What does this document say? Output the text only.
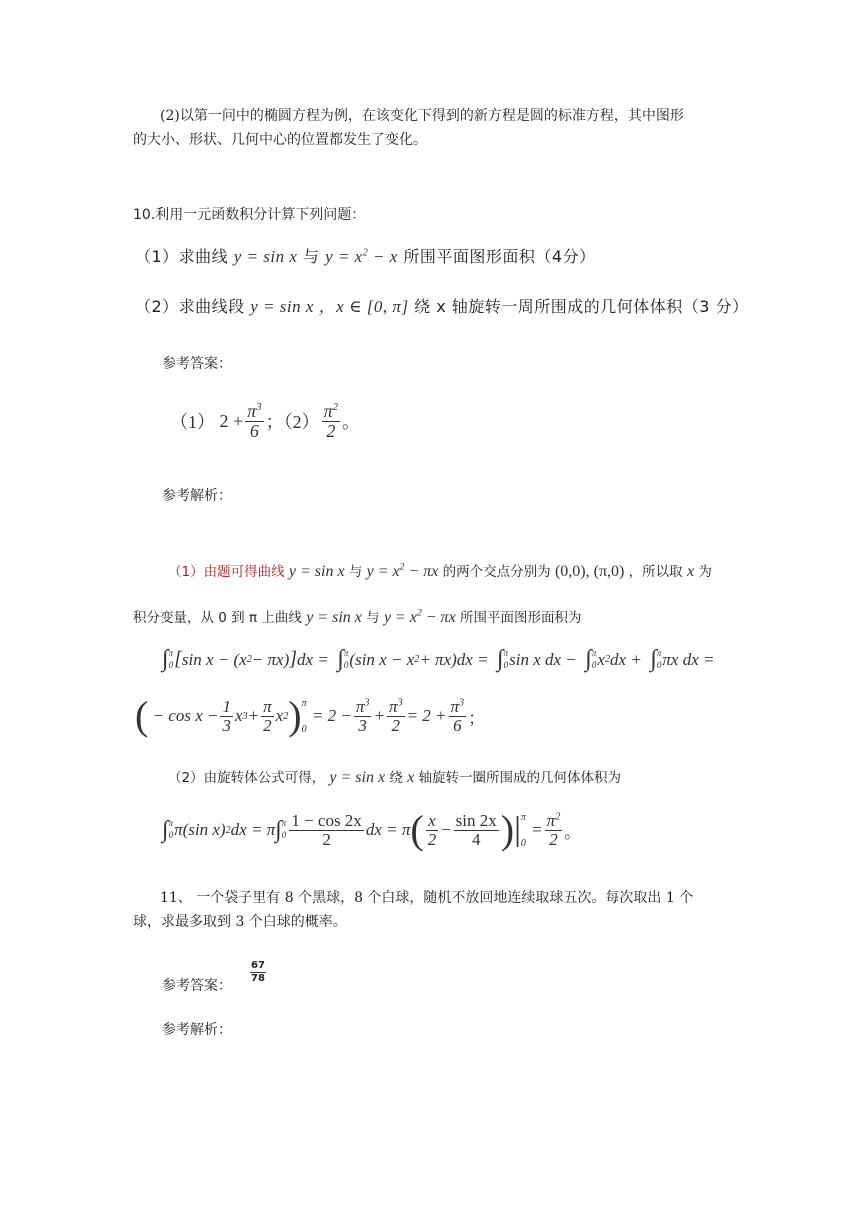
(2)以第一问中的椭圆方程为例，在该变化下得到的新方程是圆的标准方程，其中图形
的大小、形状、几何中心的位置都发生了变化。
10.利用一元函数积分计算下列问题：
（1）求曲线 y = sin x 与 $y = x^2 - x$ 所围平面图形面积（4分）
（2）求曲线段 y = sin x ，x ∈ [0, π] 绕 x 轴旋转一周所围成的几何体体积（3 分）
参考答案：
（1） $2 + \frac{\pi^3}{6}$ ；$(2) \frac{\pi^2}{2}$ 。
参考解析：
（1）由题可得曲线 y = sin x 与 $y = x^2 - \pi x$ 的两个交点分别为 (0,0), (π,0) ，所以取 x 为
积分变量，从 0 到 π 上曲线 y = sin x 与 $y = x^2 - \pi x$ 所围平面图形面积为
∫ π
0 [ sin x − (x 2 − πx) ] dx = ∫ π
0 (sin x − x 2 + πx)dx = ∫ π
0 sin x dx − ∫ π
0 x 2 dx + ∫ π
0 πx dx =
( − $\cos x - \frac{1}{3}$ x $3 + \frac{\pi}{2}$ x 2 ) π

0
= $2 - \frac{\pi^3}{3} + \frac{\pi^3}{2} = 2 + \frac{\pi^3}{6}$ ；
（2）由旋转体公式可得， y = sin x 绕 x 轴旋转一圈所围成的几何体体积为
∫ π
0 π(sin x) 2 dx = π ∫ π
$0 \frac{1 - \cos 2x}{2}$ dx = π ( $\frac{x}{2} - \frac{\sin 2x}{4}$ ) | π

0
= $\frac{\pi^2}{2}$ 。
11、 一个袋子里有 8 个黑球，8 个白球，随机不放回地连续取球五次。每次取出 1 个
球，求最多取到 3 个白球的概率。
参考答案：
$\frac{67}{78}$
参考解析：
